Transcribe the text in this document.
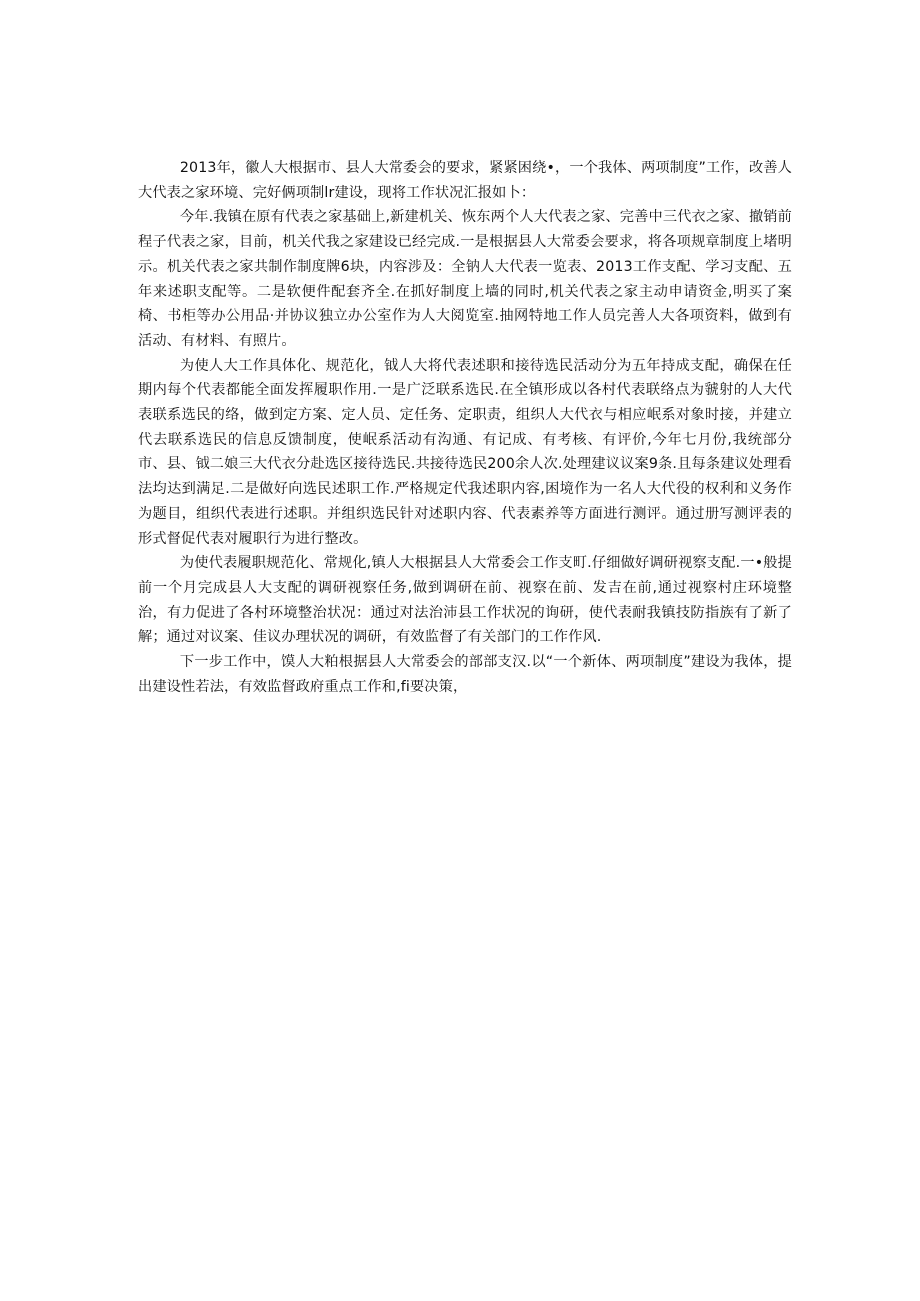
2013年，徽人大根据市、县人大常委会的要求，紧紧困绕•，一个我体、两项制度”工作，改善人大代表之家环境、完好俩项制lr建设，现将工作状况汇报如卜：

今年.我镇在原有代表之家基础上,新建机关、恢东两个人大代表之家、完善中三代衣之家、撤销前程子代表之家，目前，机关代我之家建设已经完成.一是根据县人大常委会要求，将各项规章制度上堵明示。机关代表之家共制作制度牌6块，内容涉及：全钠人大代表一览表、2013工作支配、学习支配、五年来述职支配等。二是软便件配套齐全.在抓好制度上墙的同时,机关代表之家主动申请资金,明买了案椅、书柜等办公用品·并协议独立办公室作为人大阅览室.抽网特地工作人员完善人大各项资料，做到有活动、有材料、有照片。

为使人大工作具体化、规范化，钺人大将代表述职和接待选民活动分为五年持成支配，确保在任期内每个代表都能全面发挥履职作用.一是广泛联系选民.在全镇形成以各村代表联络点为虢射的人大代表联系选民的络，做到定方案、定人员、定任务、定职责，组织人大代衣与相应岷系对象时接，并建立代去联系选民的信息反馈制度，使岷系活动有沟通、有记成、有考核、有评价,今年七月份,我统部分市、县、钺二娘三大代衣分赴选区接待选民.共接待选民200余人次.处理建议议案9条.且每条建议处理看法均达到满足.二是做好向选民述职工作.严格规定代我述职内容,困境作为一名人大代役的权利和义务作为题目，组织代表进行述职。并组织选民针对述职内容、代表素养等方面进行测评。通过册写测评表的形式督促代表对履职行为进行整改。

为使代表履职规范化、常规化,镇人大根据县人大常委会工作支町.仔细做好调研视察支配.一•般提前一个月完成县人大支配的调研视察任务,做到调研在前、视察在前、发吉在前,通过视察村庄环境整治，有力促进了各村环境整治状况：通过对法治沛县工作状况的询研，使代表耐我镇技防指族有了新了解；通过对议案、佳议办理状况的调研，有效监督了有关部门的工作作风.

下一步工作中，馍人大粕根据县人大常委会的部部支汉.以“一个新体、两项制度”建设为我体，提出建设性若法，有效监督政府重点工作和,fi要决策，
